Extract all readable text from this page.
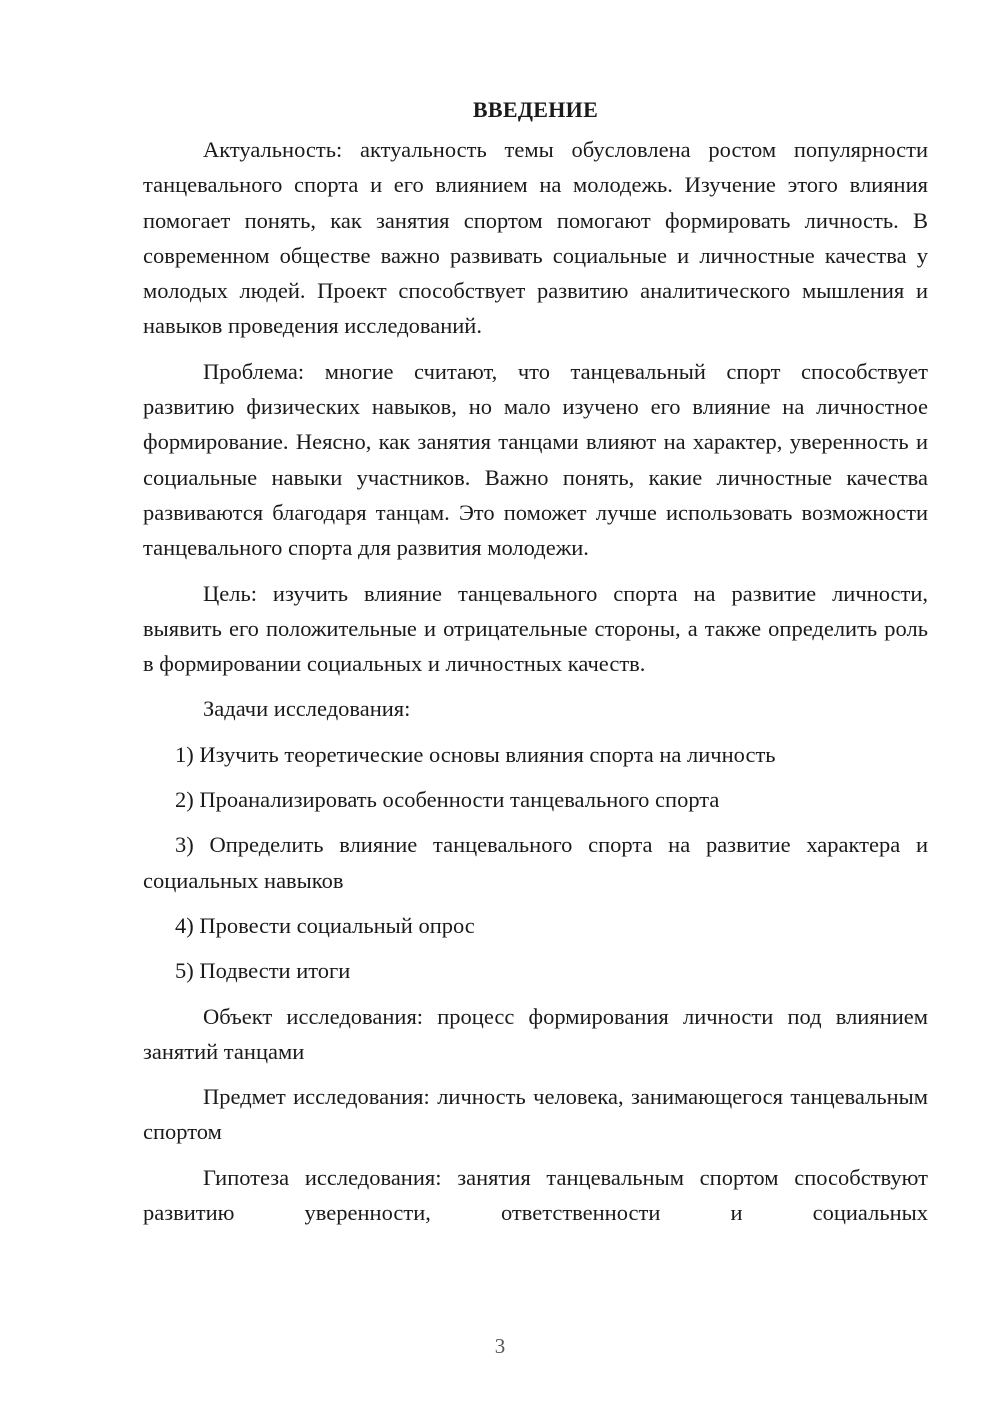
ВВЕДЕНИЕ

Актуальность: актуальность темы обусловлена ростом популярности танцевального спорта и его влиянием на молодежь. Изучение этого влияния помогает понять, как занятия спортом помогают формировать личность. В современном обществе важно развивать социальные и личностные качества у молодых людей. Проект способствует развитию аналитического мышления и навыков проведения исследований.

Проблема: многие считают, что танцевальный спорт способствует развитию физических навыков, но мало изучено его влияние на личностное формирование. Неясно, как занятия танцами влияют на характер, уверенность и социальные навыки участников. Важно понять, какие личностные качества развиваются благодаря танцам. Это поможет лучше использовать возможности танцевального спорта для развития молодежи.

Цель: изучить влияние танцевального спорта на развитие личности, выявить его положительные и отрицательные стороны, а также определить роль в формировании социальных и личностных качеств.

Задачи исследования:

1) Изучить теоретические основы влияния спорта на личность

2) Проанализировать особенности танцевального спорта

3) Определить влияние танцевального спорта на развитие характера и социальных навыков

4) Провести социальный опрос

5) Подвести итоги

Объект исследования: процесс формирования личности под влиянием занятий танцами

Предмет исследования: личность человека, занимающегося танцевальным спортом

Гипотеза исследования: занятия танцевальным спортом способствуют развитию уверенности, ответственности и социальных

3
